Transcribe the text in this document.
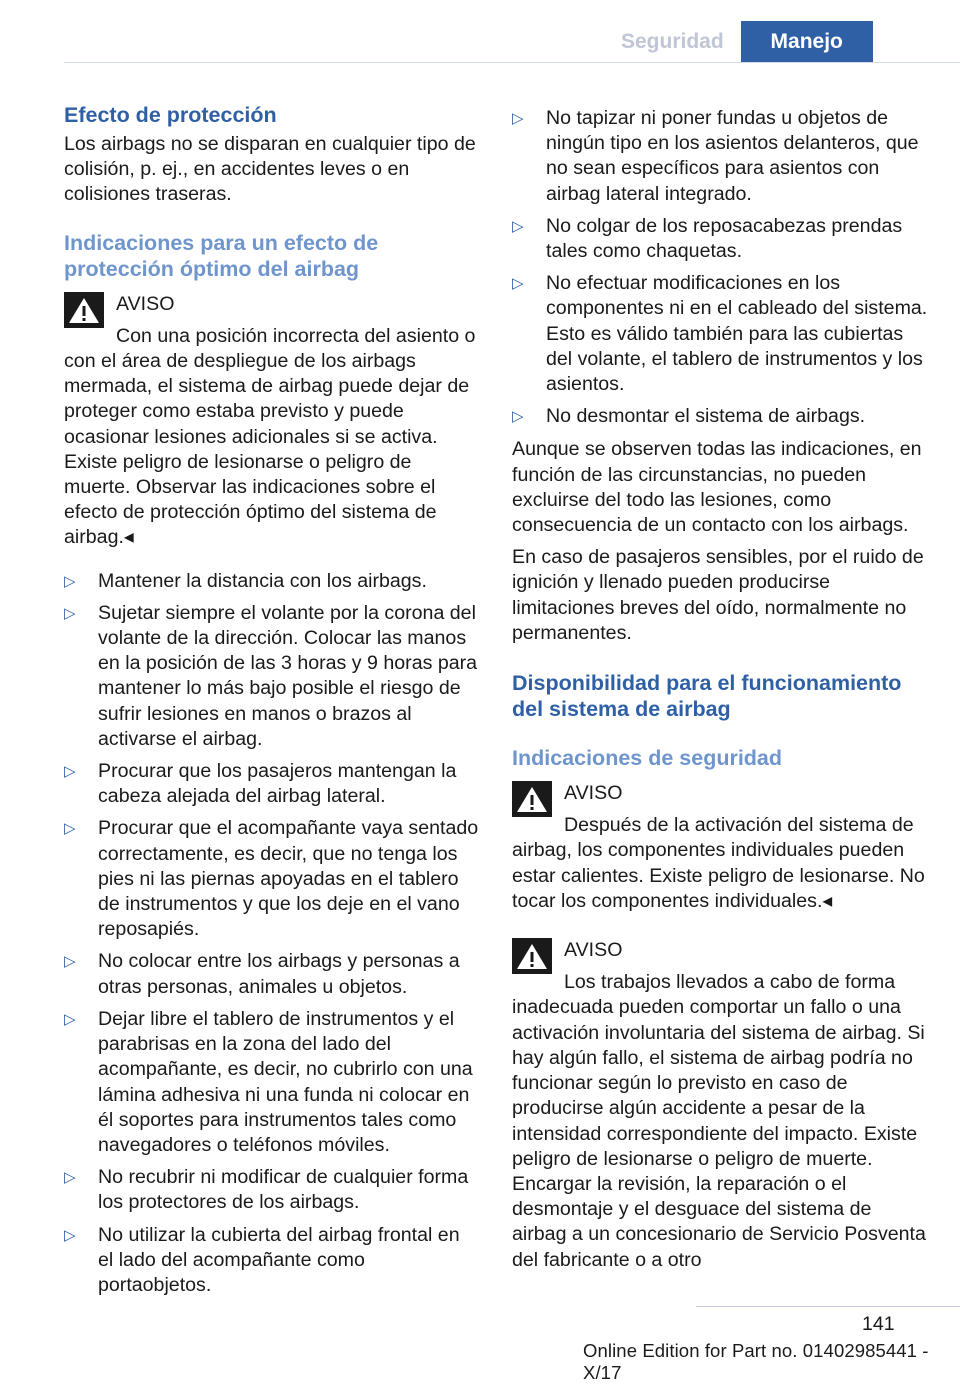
Seguridad	Manejo
Efecto de protección

Los airbags no se disparan en cualquier tipo de colisión, p. ej., en accidentes leves o en colisiones traseras.

Indicaciones para un efecto de
protección óptimo del airbag
AVISO
Con una posición incorrecta del asiento o

con el área de despliegue de los airbags mermada, el sistema de airbag puede dejar de proteger como estaba previsto y puede ocasionar lesiones adicionales si se activa. Existe peligro de lesionarse o peligro de muerte. Observar las indicaciones sobre el efecto de protección óptimo del sistema de airbag.◂

▷ Mantener la distancia con los airbags.
▷ Sujetar siempre el volante por la corona del volante de la dirección. Colocar las manos en la posición de las 3 horas y 9 horas para mantener lo más bajo posible el riesgo de sufrir lesiones en manos o brazos al activarse el airbag.
▷ Procurar que los pasajeros mantengan la cabeza alejada del airbag lateral.
▷ Procurar que el acompañante vaya sentado correctamente, es decir, que no tenga los pies ni las piernas apoyadas en el tablero de instrumentos y que los deje en el vano reposapiés.
▷ No colocar entre los airbags y personas a otras personas, animales u objetos.
▷ Dejar libre el tablero de instrumentos y el parabrisas en la zona del lado del acompañante, es decir, no cubrirlo con una lámina adhesiva ni una funda ni colocar en él soportes para instrumentos tales como navegadores o teléfonos móviles.
▷ No recubrir ni modificar de cualquier forma los protectores de los airbags.
▷ No utilizar la cubierta del airbag frontal en el lado del acompañante como portaobjetos.
▷ No tapizar ni poner fundas u objetos de ningún tipo en los asientos delanteros, que no sean específicos para asientos con airbag lateral integrado.
▷ No colgar de los reposacabezas prendas tales como chaquetas.
▷ No efectuar modificaciones en los componentes ni en el cableado del sistema. Esto es válido también para las cubiertas del volante, el tablero de instrumentos y los asientos.
▷ No desmontar el sistema de airbags.

Aunque se observen todas las indicaciones, en función de las circunstancias, no pueden excluirse del todo las lesiones, como consecuencia de un contacto con los airbags.

En caso de pasajeros sensibles, por el ruido de ignición y llenado pueden producirse limitaciones breves del oído, normalmente no permanentes.

Disponibilidad para el funcionamiento del sistema de airbag
Indicaciones de seguridad
AVISO
Después de la activación del sistema de

airbag, los componentes individuales pueden estar calientes. Existe peligro de lesionarse. No tocar los componentes individuales.◂

AVISO
Los trabajos llevados a cabo de forma

inadecuada pueden comportar un fallo o una activación involuntaria del sistema de airbag. Si hay algún fallo, el sistema de airbag podría no funcionar según lo previsto en caso de producirse algún accidente a pesar de la intensidad correspondiente del impacto. Existe peligro de lesionarse o peligro de muerte. Encargar la revisión, la reparación o el desmontaje y el desguace del sistema de airbag a un concesionario de Servicio Posventa del fabricante o a otro

141
Online Edition for Part no. 01402985441 - X/17
